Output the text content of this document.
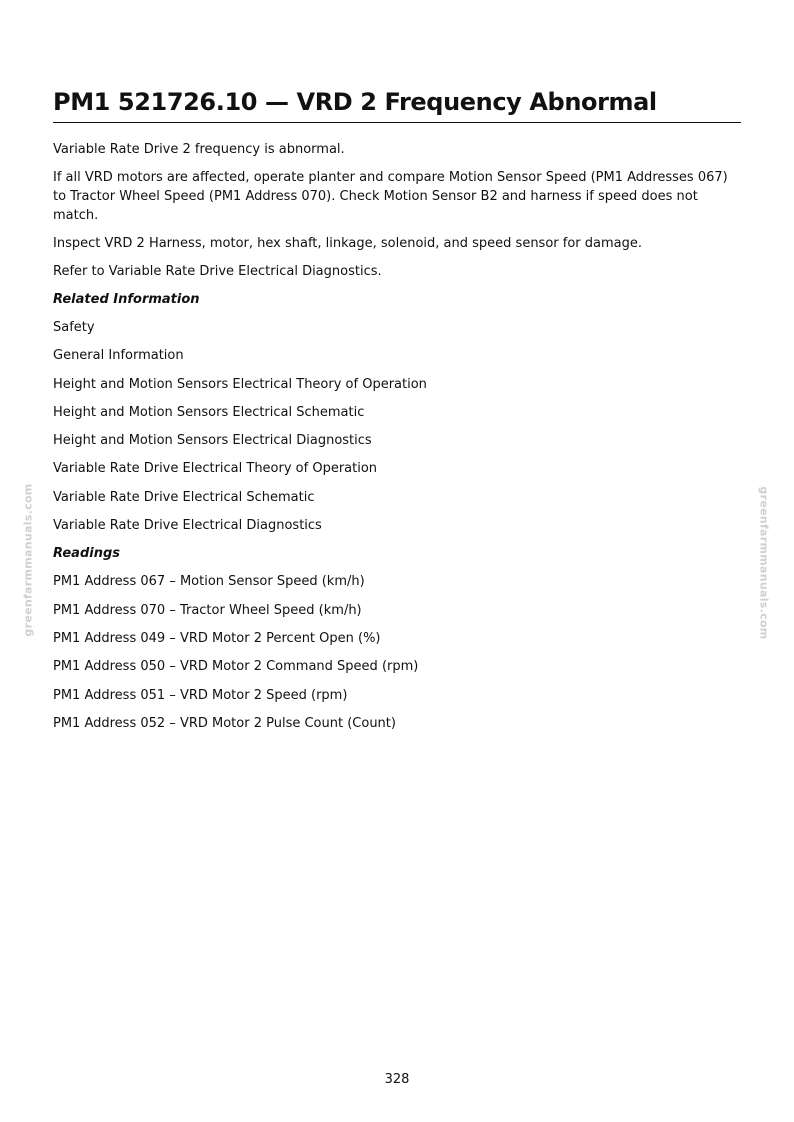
PM1 521726.10 — VRD 2 Frequency Abnormal

Variable Rate Drive 2 frequency is abnormal.

If all VRD motors are affected, operate planter and compare Motion Sensor Speed (PM1 Addresses 067) to Tractor Wheel Speed (PM1 Address 070). Check Motion Sensor B2 and harness if speed does not match.

Inspect VRD 2 Harness, motor, hex shaft, linkage, solenoid, and speed sensor for damage.

Refer to Variable Rate Drive Electrical Diagnostics.

Related Information

Safety
General Information
Height and Motion Sensors Electrical Theory of Operation
Height and Motion Sensors Electrical Schematic
Height and Motion Sensors Electrical Diagnostics
Variable Rate Drive Electrical Theory of Operation
Variable Rate Drive Electrical Schematic
Variable Rate Drive Electrical Diagnostics

Readings

PM1 Address 067 – Motion Sensor Speed (km/h)
PM1 Address 070 – Tractor Wheel Speed (km/h)
PM1 Address 049 – VRD Motor 2 Percent Open (%)
PM1 Address 050 – VRD Motor 2 Command Speed (rpm)
PM1 Address 051 – VRD Motor 2 Speed (rpm)
PM1 Address 052 – VRD Motor 2 Pulse Count (Count)
greenfarmmanuals.com	greenfarmmanuals.com
328
